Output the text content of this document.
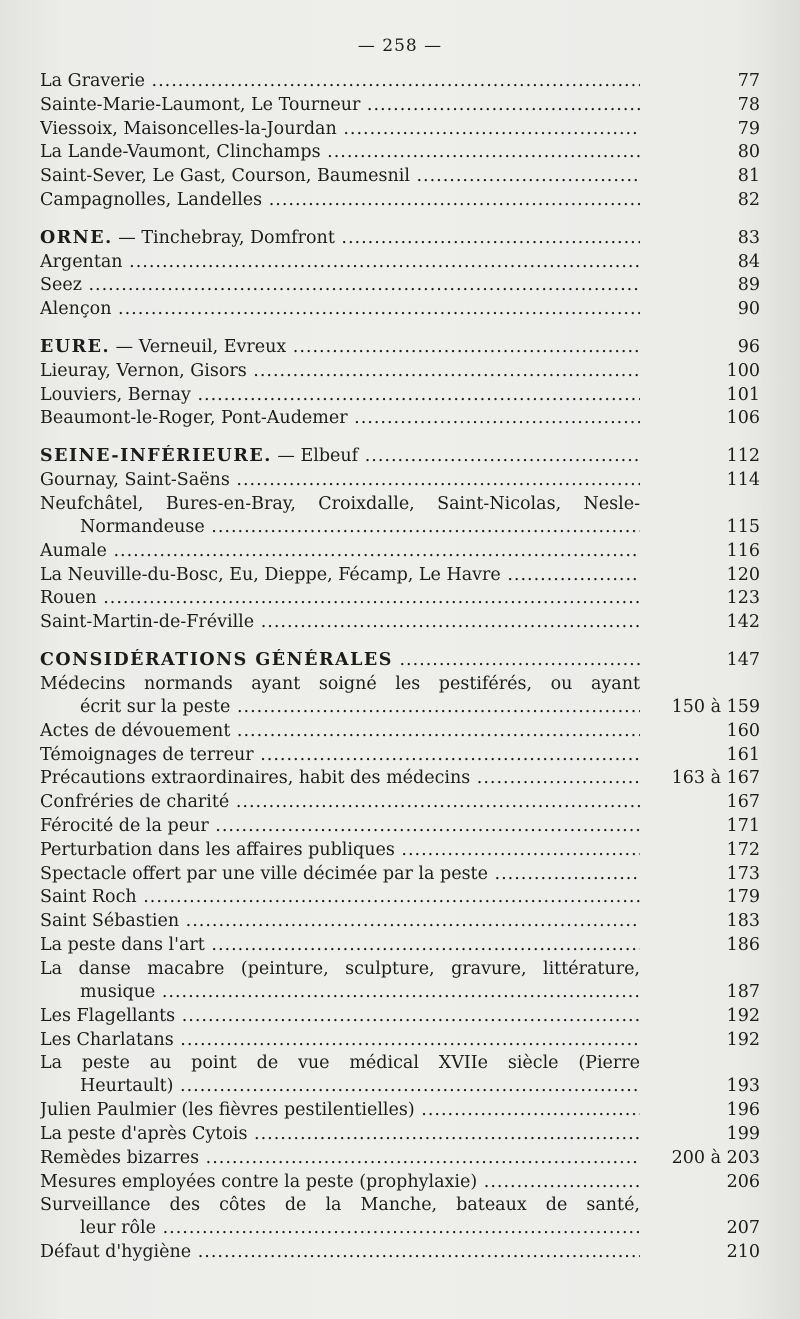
— 258 —
La Graverie .....	77
Sainte-Marie-Laumont, Le Tourneur .....	78
Viessoix, Maisoncelles-la-Jourdan .....	79
La Lande-Vaumont, Clinchamps .....	80
Saint-Sever, Le Gast, Courson, Baumesnil .....	81
Campagnolles, Landelles .....	82
ORNE. — Tinchebray, Domfront .....	83
Argentan .....	84
Seez .....	89
Alençon .....	90
EURE. — Verneuil, Evreux .....	96
Lieuray, Vernon, Gisors .....	100
Louviers, Bernay .....	101
Beaumont-le-Roger, Pont-Audemer .....	106
SEINE-INFÉRIEURE. — Elbeuf .....	112
Gournay, Saint-Saëns .....	114
Neufchâtel, Bures-en-Bray, Croixdalle, Saint-Nicolas, Nesle-
Normandeuse .....	115
Aumale .....	116
La Neuville-du-Bosc, Eu, Dieppe, Fécamp, Le Havre .....	120
Rouen .....	123
Saint-Martin-de-Fréville .....	142
CONSIDÉRATIONS GÉNÉRALES .....	147
Médecins normands ayant soigné les pestiférés, ou ayant
écrit sur la peste .....	150 à 159
Actes de dévouement .....	160
Témoignages de terreur .....	161
Précautions extraordinaires, habit des médecins .....	163 à 167
Confréries de charité .....	167
Férocité de la peur .....	171
Perturbation dans les affaires publiques .....	172
Spectacle offert par une ville décimée par la peste .....	173
Saint Roch .....	179
Saint Sébastien .....	183
La peste dans l'art .....	186
La danse macabre (peinture, sculpture, gravure, littérature,
musique .....	187
Les Flagellants .....	192
Les Charlatans .....	192
La peste au point de vue médical XVIIe siècle (Pierre
Heurtault) .....	193
Julien Paulmier (les fièvres pestilentielles) .....	196
La peste d'après Cytois .....	199
Remèdes bizarres .....	200 à 203
Mesures employées contre la peste (prophylaxie) .....	206
Surveillance des côtes de la Manche, bateaux de santé,
leur rôle .....	207
Défaut d'hygiène .....	210
